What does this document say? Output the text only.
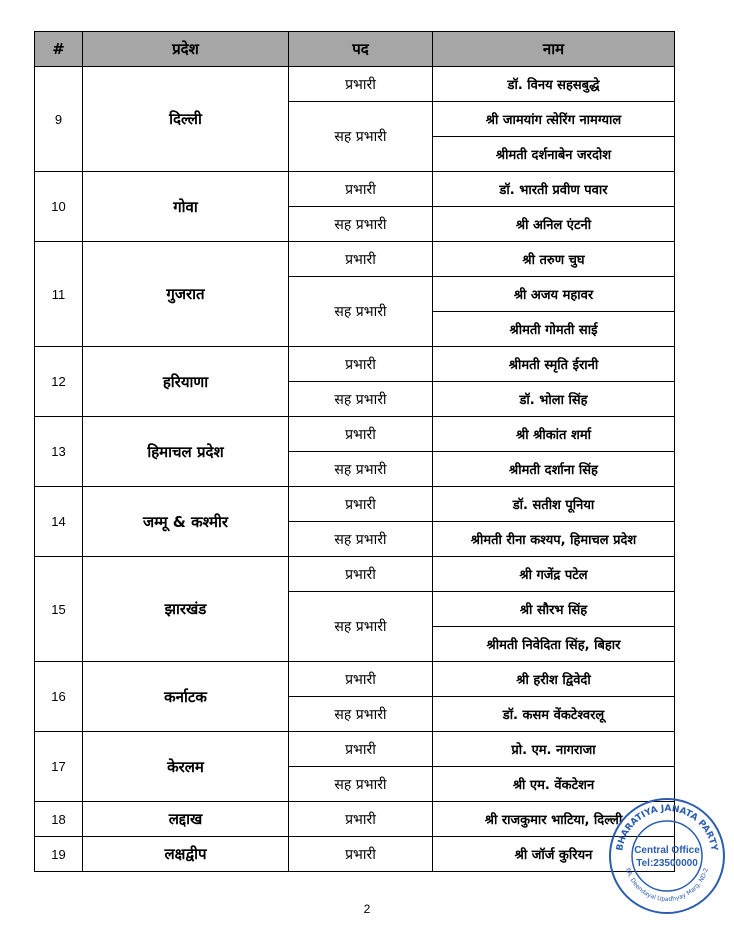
#	प्रदेश	पद	नाम
9	दिल्ली	प्रभारी	डॉ. विनय सहसबुद्धे
		सह प्रभारी	श्री जामयांग त्सेरिंग नामग्याल
			श्रीमती दर्शनाबेन जरदोश
10	गोवा	प्रभारी	डॉ. भारती प्रवीण पवार
		सह प्रभारी	श्री अनिल एंटनी
11	गुजरात	प्रभारी	श्री तरुण चुघ
		सह प्रभारी	श्री अजय महावर
			श्रीमती गोमती साई
12	हरियाणा	प्रभारी	श्रीमती स्मृति ईरानी
		सह प्रभारी	डॉ. भोला सिंह
13	हिमाचल प्रदेश	प्रभारी	श्री श्रीकांत शर्मा
		सह प्रभारी	श्रीमती दर्शाना सिंह
14	जम्मू & कश्मीर	प्रभारी	डॉ. सतीश पूनिया
		सह प्रभारी	श्रीमती रीना कश्यप, हिमाचल प्रदेश
15	झारखंड	प्रभारी	श्री गजेंद्र पटेल
		सह प्रभारी	श्री सौरभ सिंह
			श्रीमती निवेदिता सिंह, बिहार
16	कर्नाटक	प्रभारी	श्री हरीश द्विवेदी
		सह प्रभारी	डॉ. कसम वेंकटेश्वरलू
17	केरलम	प्रभारी	प्रो. एम. नागराजा
		सह प्रभारी	श्री एम. वेंकटेशन
18	लद्दाख	प्रभारी	श्री राजकुमार भाटिया, दिल्ली
19	लक्षद्वीप	प्रभारी	श्री जॉर्ज कुरियन
2
BHARATIYA JANATA PARTY
6A, Deendayal Upadhyay Marg, ND-2
Central Office
Tel:23500000
